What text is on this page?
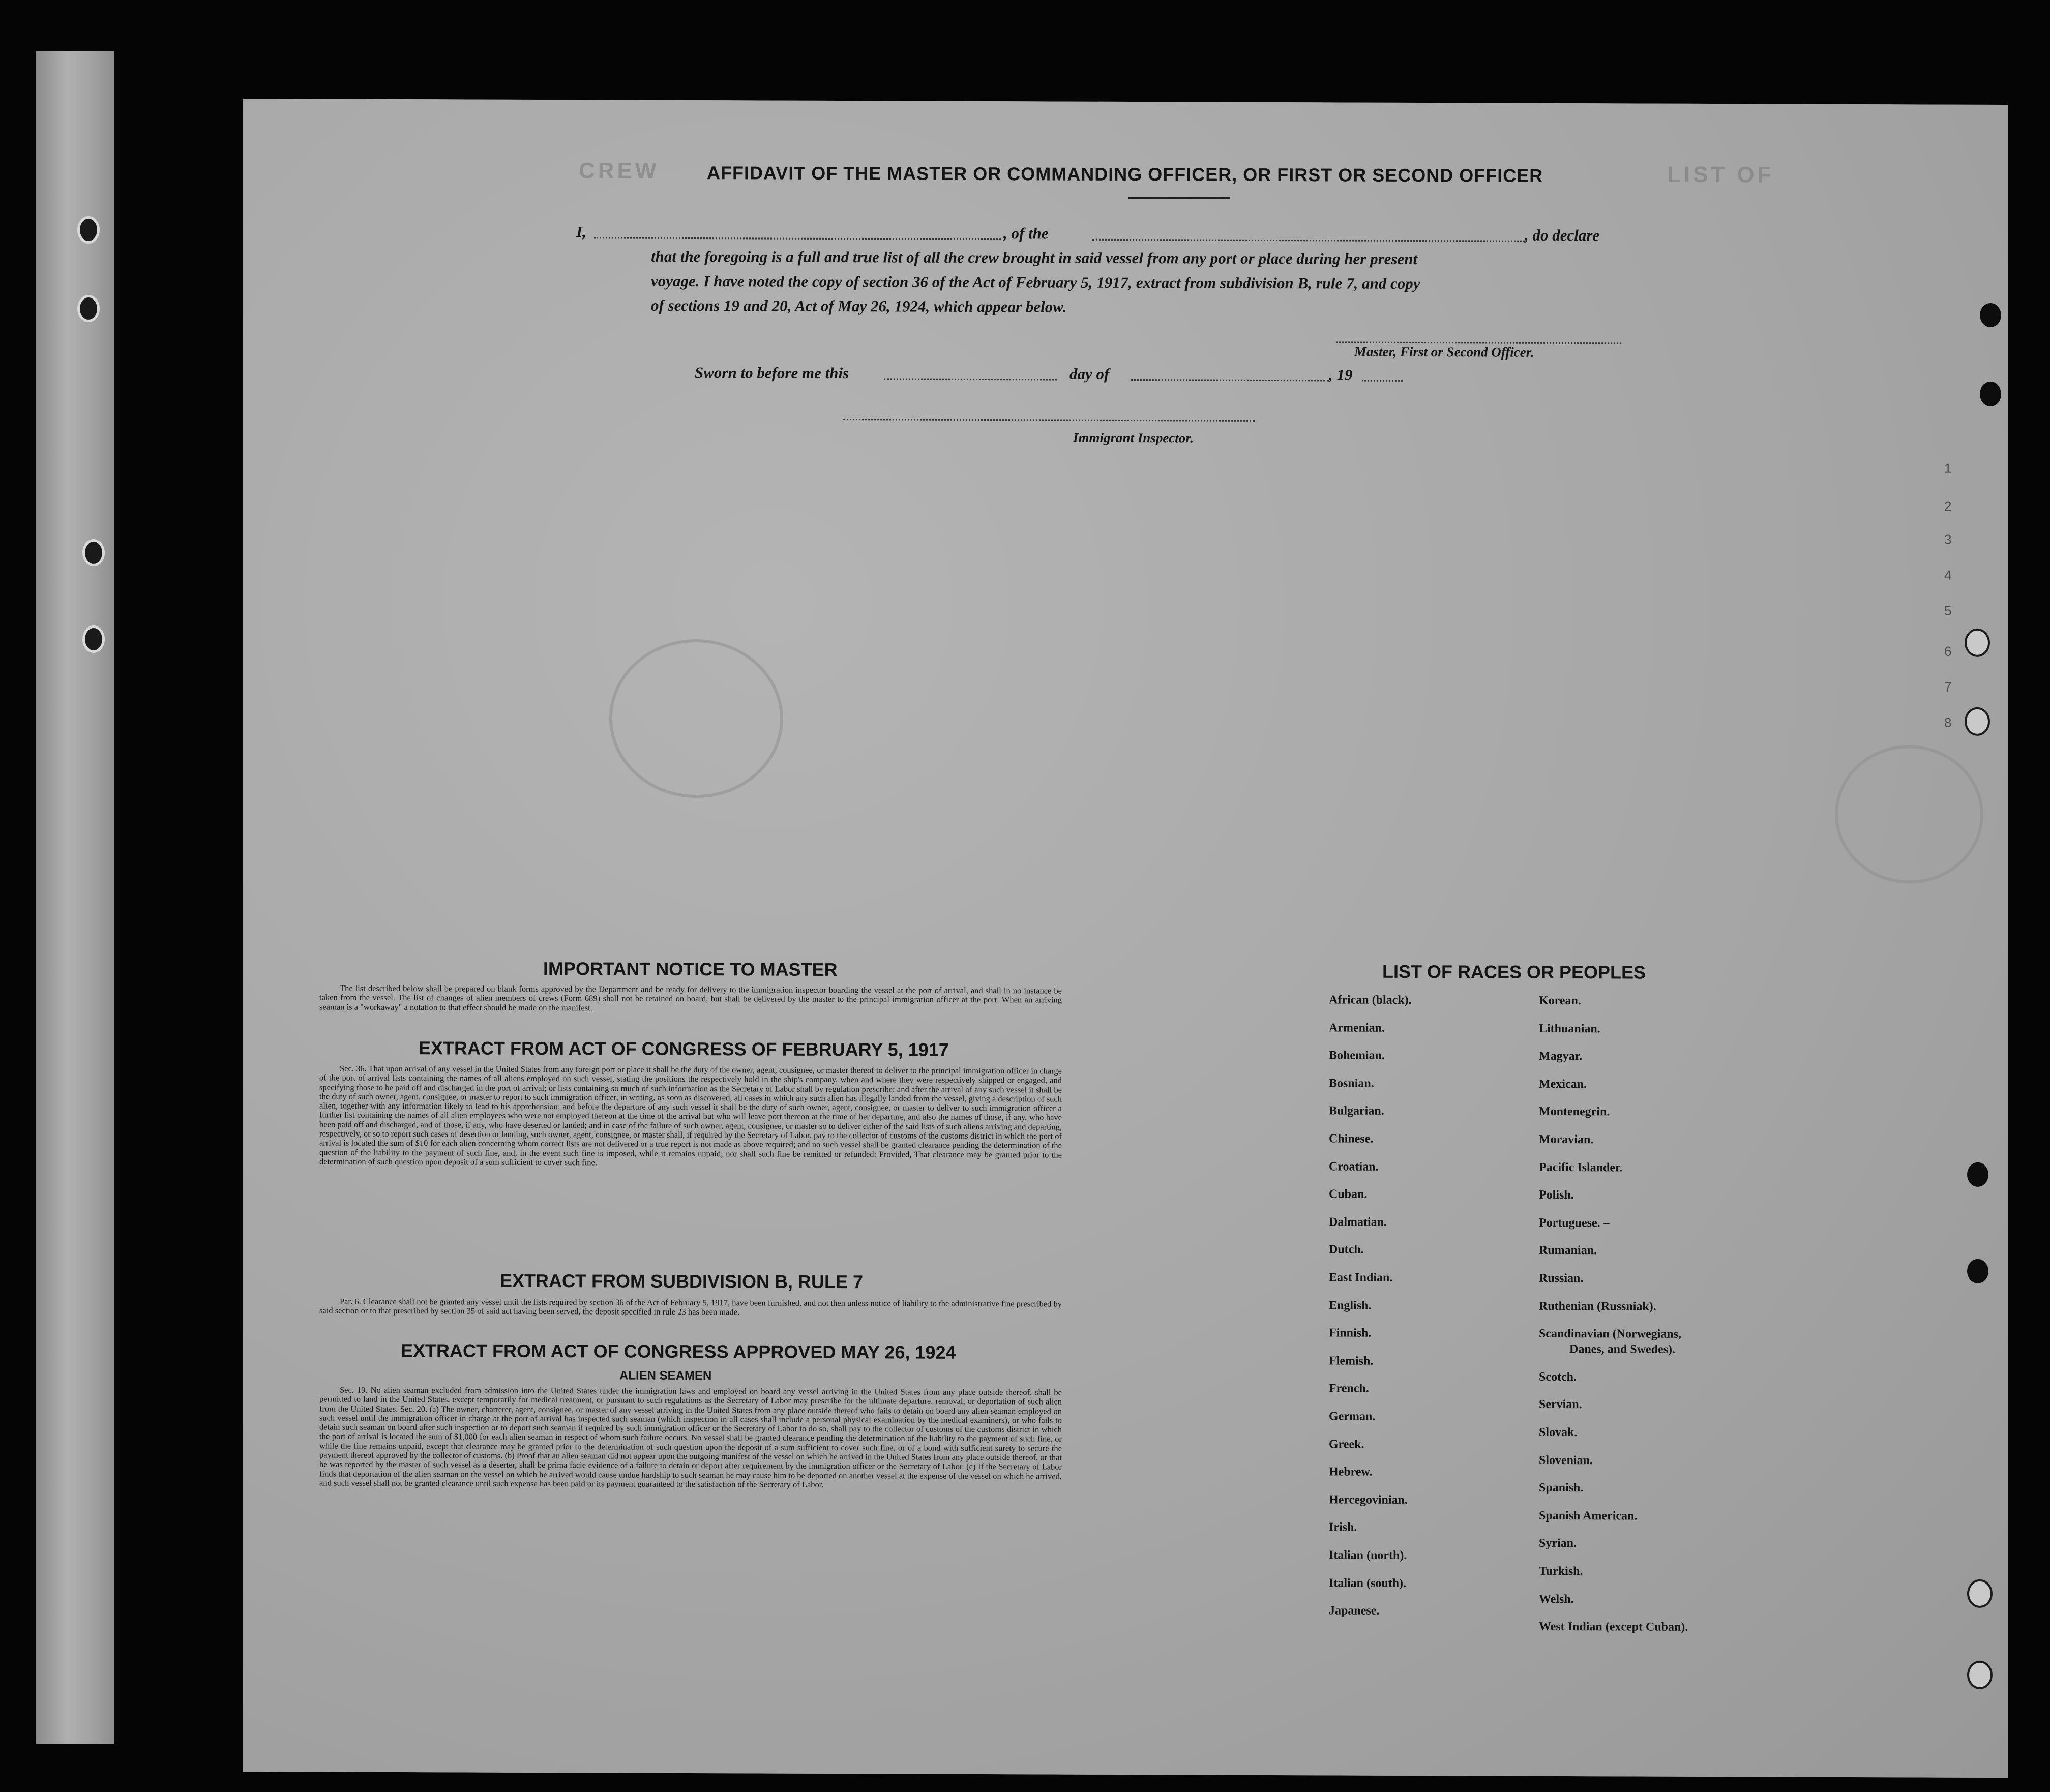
CREW	LIST OF
1
2
3
4
5
6
7
8
AFFIDAVIT OF THE MASTER OR COMMANDING OFFICER, OR FIRST OR SECOND OFFICER
I,	, of the	, do declare
that the foregoing is a full and true list of all the crew brought in said vessel from any port or place during her present
voyage. I have noted the copy of section 36 of the Act of February 5, 1917, extract from subdivision B, rule 7, and copy
of sections 19 and 20, Act of May 26, 1924, which appear below.
Master, First or Second Officer.
Sworn to before me this	day of	, 19
Immigrant Inspector.
IMPORTANT NOTICE TO MASTER
The list described below shall be prepared on blank forms approved by the Department and be ready for delivery to the immigration inspector boarding the vessel at the port of arrival, and shall in no instance be taken from the vessel. The list of changes of alien members of crews (Form 689) shall not be retained on board, but shall be delivered by the master to the principal immigration officer at the port. When an arriving seaman is a "workaway" a notation to that effect should be made on the manifest.
EXTRACT FROM ACT OF CONGRESS OF FEBRUARY 5, 1917
Sec. 36. That upon arrival of any vessel in the United States from any foreign port or place it shall be the duty of the owner, agent, consignee, or master thereof to deliver to the principal immigration officer in charge of the port of arrival lists containing the names of all aliens employed on such vessel, stating the positions the respectively hold in the ship's company, when and where they were respectively shipped or engaged, and specifying those to be paid off and discharged in the port of arrival; or lists containing so much of such information as the Secretary of Labor shall by regulation prescribe; and after the arrival of any such vessel it shall be the duty of such owner, agent, consignee, or master to report to such immigration officer, in writing, as soon as discovered, all cases in which any such alien has illegally landed from the vessel, giving a description of such alien, together with any information likely to lead to his apprehension; and before the departure of any such vessel it shall be the duty of such owner, agent, consignee, or master to deliver to such immigration officer a further list containing the names of all alien employees who were not employed thereon at the time of the arrival but who will leave port thereon at the time of her departure, and also the names of those, if any, who have been paid off and discharged, and of those, if any, who have deserted or landed; and in case of the failure of such owner, agent, consignee, or master so to deliver either of the said lists of such aliens arriving and departing, respectively, or so to report such cases of desertion or landing, such owner, agent, consignee, or master shall, if required by the Secretary of Labor, pay to the collector of customs of the customs district in which the port of arrival is located the sum of $10 for each alien concerning whom correct lists are not delivered or a true report is not made as above required; and no such vessel shall be granted clearance pending the determination of the question of the liability to the payment of such fine, and, in the event such fine is imposed, while it remains unpaid; nor shall such fine be remitted or refunded: Provided, That clearance may be granted prior to the determination of such question upon deposit of a sum sufficient to cover such fine.
EXTRACT FROM SUBDIVISION B, RULE 7
Par. 6. Clearance shall not be granted any vessel until the lists required by section 36 of the Act of February 5, 1917, have been furnished, and not then unless notice of liability to the administrative fine prescribed by said section or to that prescribed by section 35 of said act having been served, the deposit specified in rule 23 has been made.
EXTRACT FROM ACT OF CONGRESS APPROVED MAY 26, 1924
ALIEN SEAMEN
Sec. 19. No alien seaman excluded from admission into the United States under the immigration laws and employed on board any vessel arriving in the United States from any place outside thereof, shall be permitted to land in the United States, except temporarily for medical treatment, or pursuant to such regulations as the Secretary of Labor may prescribe for the ultimate departure, removal, or deportation of such alien from the United States. Sec. 20. (a) The owner, charterer, agent, consignee, or master of any vessel arriving in the United States from any place outside thereof who fails to detain on board any alien seaman employed on such vessel until the immigration officer in charge at the port of arrival has inspected such seaman (which inspection in all cases shall include a personal physical examination by the medical examiners), or who fails to detain such seaman on board after such inspection or to deport such seaman if required by such immigration officer or the Secretary of Labor to do so, shall pay to the collector of customs of the customs district in which the port of arrival is located the sum of $1,000 for each alien seaman in respect of whom such failure occurs. No vessel shall be granted clearance pending the determination of the liability to the payment of such fine, or while the fine remains unpaid, except that clearance may be granted prior to the determination of such question upon the deposit of a sum sufficient to cover such fine, or of a bond with sufficient surety to secure the payment thereof approved by the collector of customs. (b) Proof that an alien seaman did not appear upon the outgoing manifest of the vessel on which he arrived in the United States from any place outside thereof, or that he was reported by the master of such vessel as a deserter, shall be prima facie evidence of a failure to detain or deport after requirement by the immigration officer or the Secretary of Labor. (c) If the Secretary of Labor finds that deportation of the alien seaman on the vessel on which he arrived would cause undue hardship to such seaman he may cause him to be deported on another vessel at the expense of the vessel on which he arrived, and such vessel shall not be granted clearance until such expense has been paid or its payment guaranteed to the satisfaction of the Secretary of Labor.
LIST OF RACES OR PEOPLES
African (black).
Armenian.
Bohemian.
Bosnian.
Bulgarian.
Chinese.
Croatian.
Cuban.
Dalmatian.
Dutch.
East Indian.
English.
Finnish.
Flemish.
French.
German.
Greek.
Hebrew.
Hercegovinian.
Irish.
Italian (north).
Italian (south).
Japanese.
Korean.
Lithuanian.
Magyar.
Mexican.
Montenegrin.
Moravian.
Pacific Islander.
Polish.
Portuguese. –
Rumanian.
Russian.
Ruthenian (Russniak).
Scandinavian (Norwegians,
Danes, and Swedes).
Scotch.
Servian.
Slovak.
Slovenian.
Spanish.
Spanish American.
Syrian.
Turkish.
Welsh.
West Indian (except Cuban).
